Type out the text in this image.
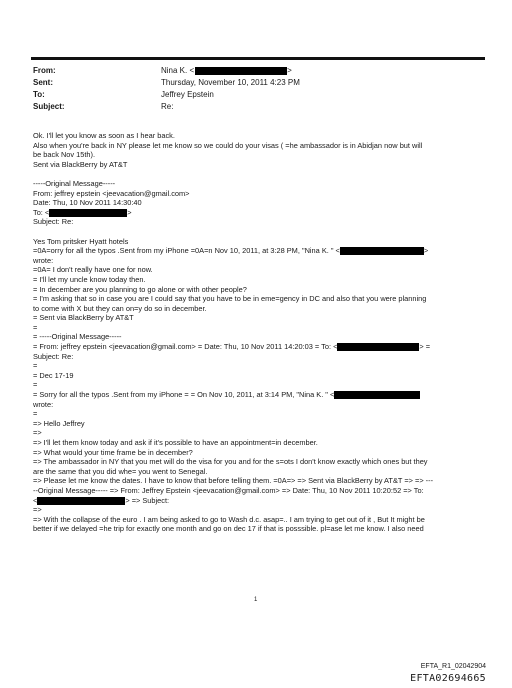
From:	Nina K. <	>
Sent:	Thursday, November 10, 2011 4:23 PM
To:	Jeffrey Epstein
Subject:	Re:
Ok. I'll let you know as soon as I hear back.
Also when you're back in NY please let me know so we could do your visas ( =he ambassador is in Abidjan now but will
be back Nov 15th).
Sent via BlackBerry by AT&T
-----Original Message-----
From: jeffrey epstein <jeevacation@gmail.com>
Date: Thu, 10 Nov 2011 14:30:40
To: <	>
Subject: Re:
Yes Tom pritsker Hyatt hotels
=0A=orry for all the typos .Sent from my iPhone =0A=n Nov 10, 2011, at 3:28 PM, "Nina K. " <	>
wrote:
=0A= I don't really have one for now.
= I'll let my uncle know today then.
= In december are you planning to go alone or with other people?
= I'm asking that so in case you are I could say that you have to be in eme=gency in DC and also that you were planning
to come with X but they can on=y do so in december.
= Sent via BlackBerry by AT&T
=
= -----Original Message-----
= From: jeffrey epstein <jeevacation@gmail.com> = Date: Thu, 10 Nov 2011 14:20:03 = To: <	> =
Subject: Re:
=
= Dec 17-19
=
= Sorry for all the typos .Sent from my iPhone = = On Nov 10, 2011, at 3:14 PM, "Nina K. " <
wrote:
=
=> Hello Jeffrey
=>
=> I'll let them know today and ask if it's possible to have an appointment=in december.
=> What would your time frame be in december?
=> The ambassador in NY that you met will do the visa for you and for the s=ots I don't know exactly which ones but they
are the same that you did whe= you went to Senegal.
=> Please let me know the dates. I have to know that before telling them. =0A=> => Sent via BlackBerry by AT&T => => ---
--Original Message----- => From: Jeffrey Epstein <jeevacation@gmail.com> => Date: Thu, 10 Nov 2011 10:20:52 => To:
<	> => Subject:
=>
=> With the collapse of the euro . I am being asked to go to Wash d.c. asap=.. I am trying to get out of it , But It might be
better if we delayed =he trip for exactly one month and go on dec 17 if that is posssible. pl=ase let me know. I also need
1
EFTA_R1_02042904
EFTA02694665
